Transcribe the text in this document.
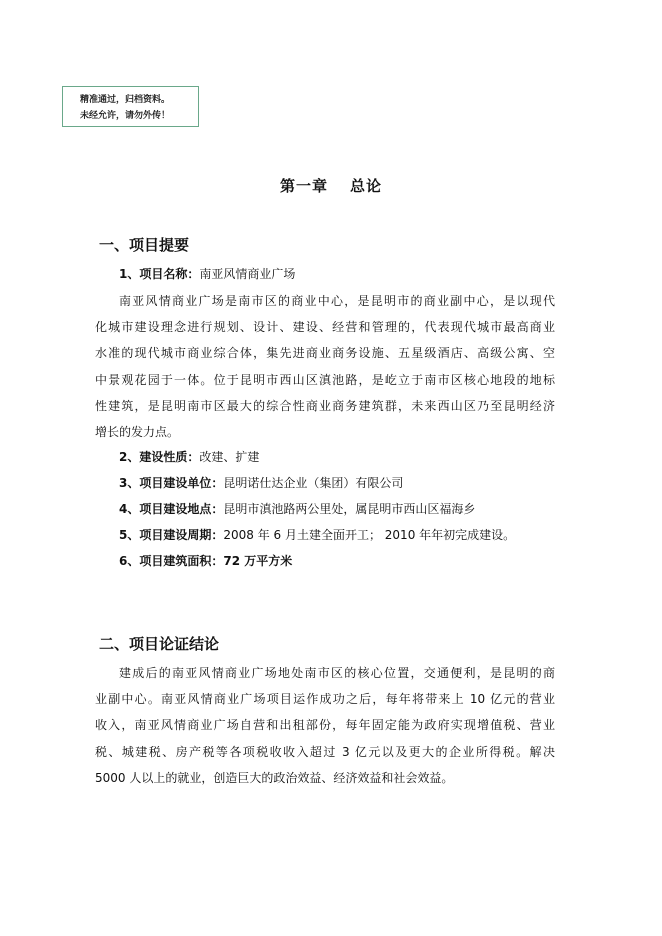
精准通过，归档资料。
未经允许，请勿外传！
第一章 总论
一、项目提要
1、项目名称：南亚风情商业广场
南亚风情商业广场是南市区的商业中心，是昆明市的商业副中心，是以现代
化城市建设理念进行规划、设计、建设、经营和管理的，代表现代城市最高商业
水准的现代城市商业综合体，集先进商业商务设施、五星级酒店、高级公寓、空
中景观花园于一体。位于昆明市西山区滇池路，是屹立于南市区核心地段的地标
性建筑，是昆明南市区最大的综合性商业商务建筑群，未来西山区乃至昆明经济
增长的发力点。
2、建设性质：改建、扩建
3、项目建设单位：昆明诺仕达企业（集团）有限公司
4、项目建设地点：昆明市滇池路两公里处，属昆明市西山区福海乡
5、项目建设周期：2008 年 6 月土建全面开工； 2010 年年初完成建设。
6、项目建筑面积：72 万平方米
二、项目论证结论
建成后的南亚风情商业广场地处南市区的核心位置，交通便利，是昆明的商
业副中心。南亚风情商业广场项目运作成功之后，每年将带来上 10 亿元的营业
收入，南亚风情商业广场自营和出租部份，每年固定能为政府实现增值税、营业
税、城建税、房产税等各项税收收入超过 3 亿元以及更大的企业所得税。解决
5000 人以上的就业，创造巨大的政治效益、经济效益和社会效益。
